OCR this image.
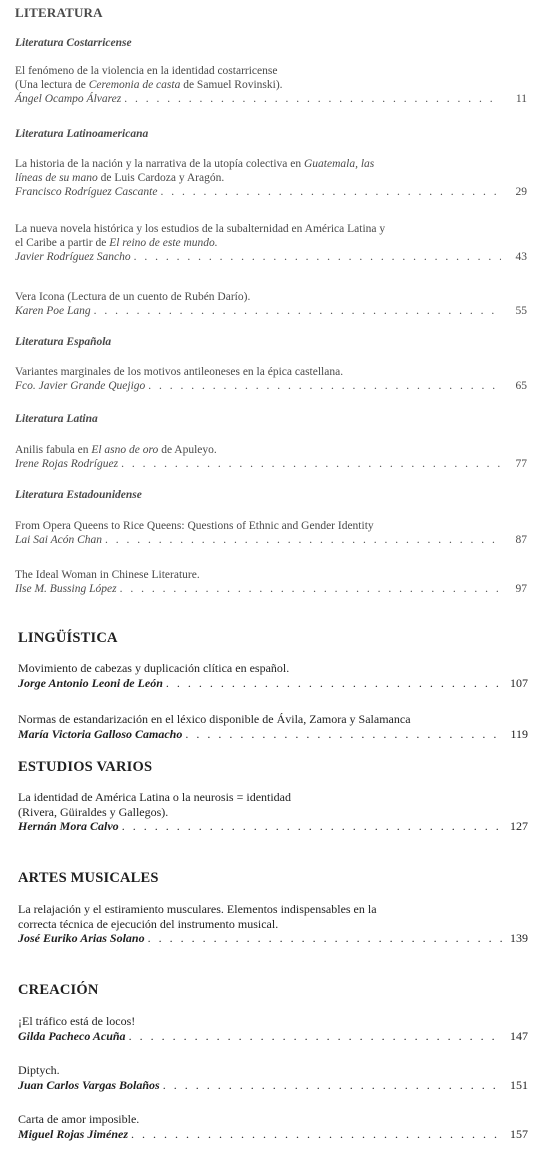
LITERATURA
Literatura Costarricense
El fenómeno de la violencia en la identidad costarricense
(Una lectura de Ceremonia de casta de Samuel Rovinski).
Ángel Ocampo Álvarez . . .	11
Literatura Latinoamericana
La historia de la nación y la narrativa de la utopía colectiva en Guatemala, las
líneas de su mano de Luis Cardoza y Aragón.
Francisco Rodríguez Cascante . . .	29
La nueva novela histórica y los estudios de la subalternidad en América Latina y
el Caribe a partir de El reino de este mundo.
Javier Rodríguez Sancho . . .	43
Vera Icona (Lectura de un cuento de Rubén Darío).
Karen Poe Lang . . .	55
Literatura Española
Variantes marginales de los motivos antileoneses en la épica castellana.
Fco. Javier Grande Quejigo . . .	65
Literatura Latina
Anilis fabula en El asno de oro de Apuleyo.
Irene Rojas Rodríguez . . .	77
Literatura Estadounidense
From Opera Queens to Rice Queens: Questions of Ethnic and Gender Identity
Lai Sai Acón Chan . . .	87
The Ideal Woman in Chinese Literature.
Ilse M. Bussing López . . .	97
LINGÜÍSTICA
Movimiento de cabezas y duplicación clítica en español.
Jorge Antonio Leoni de León . . .	107
Normas de estandarización en el léxico disponible de Ávila, Zamora y Salamanca
María Victoria Galloso Camacho . . .	119
ESTUDIOS VARIOS
La identidad de América Latina o la neurosis = identidad
(Rivera, Güiraldes y Gallegos).
Hernán Mora Calvo . . .	127
ARTES MUSICALES
La relajación y el estiramiento musculares. Elementos indispensables en la
correcta técnica de ejecución del instrumento musical.
José Euriko Arias Solano . . .	139
CREACIÓN
¡El tráfico está de locos!
Gilda Pacheco Acuña . . .	147
Diptych.
Juan Carlos Vargas Bolaños . . .	151
Carta de amor imposible.
Miguel Rojas Jiménez . . .	157
